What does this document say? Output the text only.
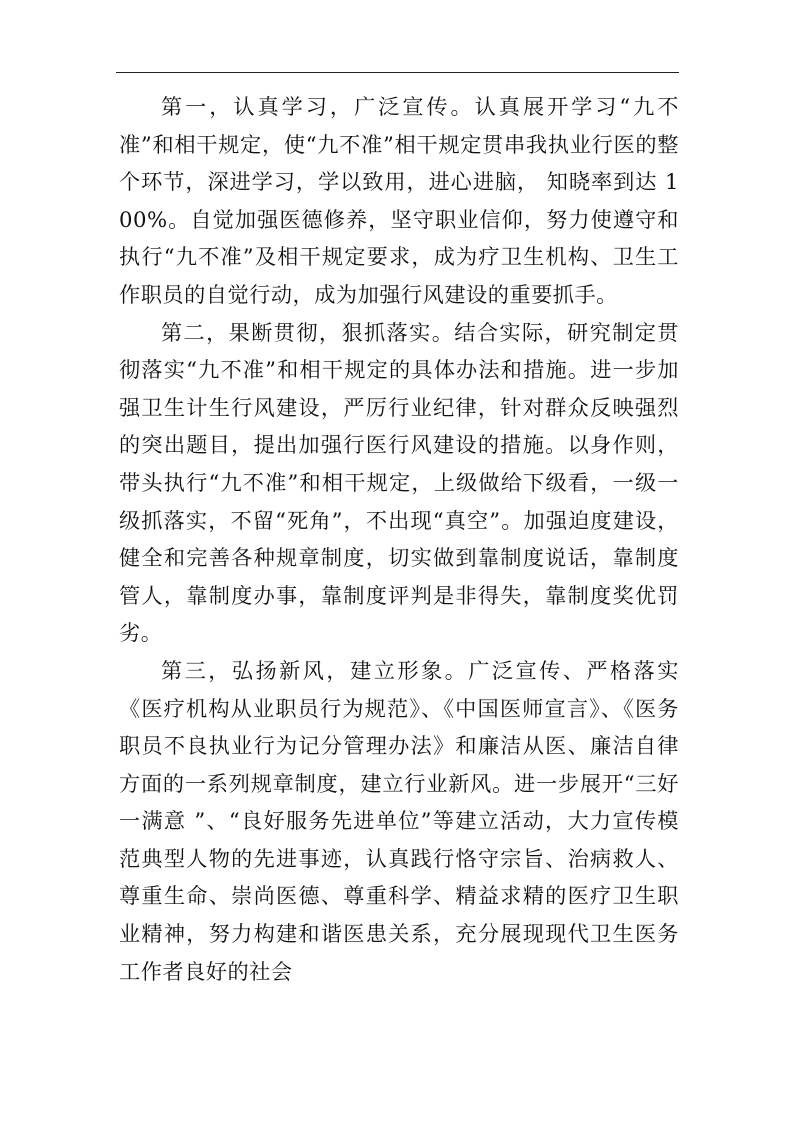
第一，认真学习，广泛宣传。认真展开学习“九不准”和相干规定，使“九不准”相干规定贯串我执业行医的整个环节，深进学习，学以致用，进心进脑， 知晓率到达 100%。自觉加强医德修养，坚守职业信仰，努力使遵守和执行“九不准”及相干规定要求，成为疗卫生机构、卫生工作职员的自觉行动，成为加强行风建设的重要抓手。

第二，果断贯彻，狠抓落实。结合实际，研究制定贯彻落实“九不准”和相干规定的具体办法和措施。进一步加强卫生计生行风建设，严厉行业纪律，针对群众反映强烈的突出题目，提出加强行医行风建设的措施。以身作则，带头执行“九不准”和相干规定，上级做给下级看，一级一级抓落实，不留“死角”，不出现“真空”。加强迫度建设，健全和完善各种规章制度，切实做到靠制度说话，靠制度管人，靠制度办事，靠制度评判是非得失，靠制度奖优罚劣。

第三，弘扬新风，建立形象。广泛宣传、严格落实《医疗机构从业职员行为规范》、《中国医师宣言》、《医务职员不良执业行为记分管理办法》和廉洁从医、廉洁自律方面的一系列规章制度，建立行业新风。进一步展开“三好一满意 ”、“良好服务先进单位”等建立活动，大力宣传模范典型人物的先进事迹，认真践行恪守宗旨、治病救人、尊重生命、崇尚医德、尊重科学、精益求精的医疗卫生职业精神，努力构建和谐医患关系，充分展现现代卫生医务工作者良好的社会
